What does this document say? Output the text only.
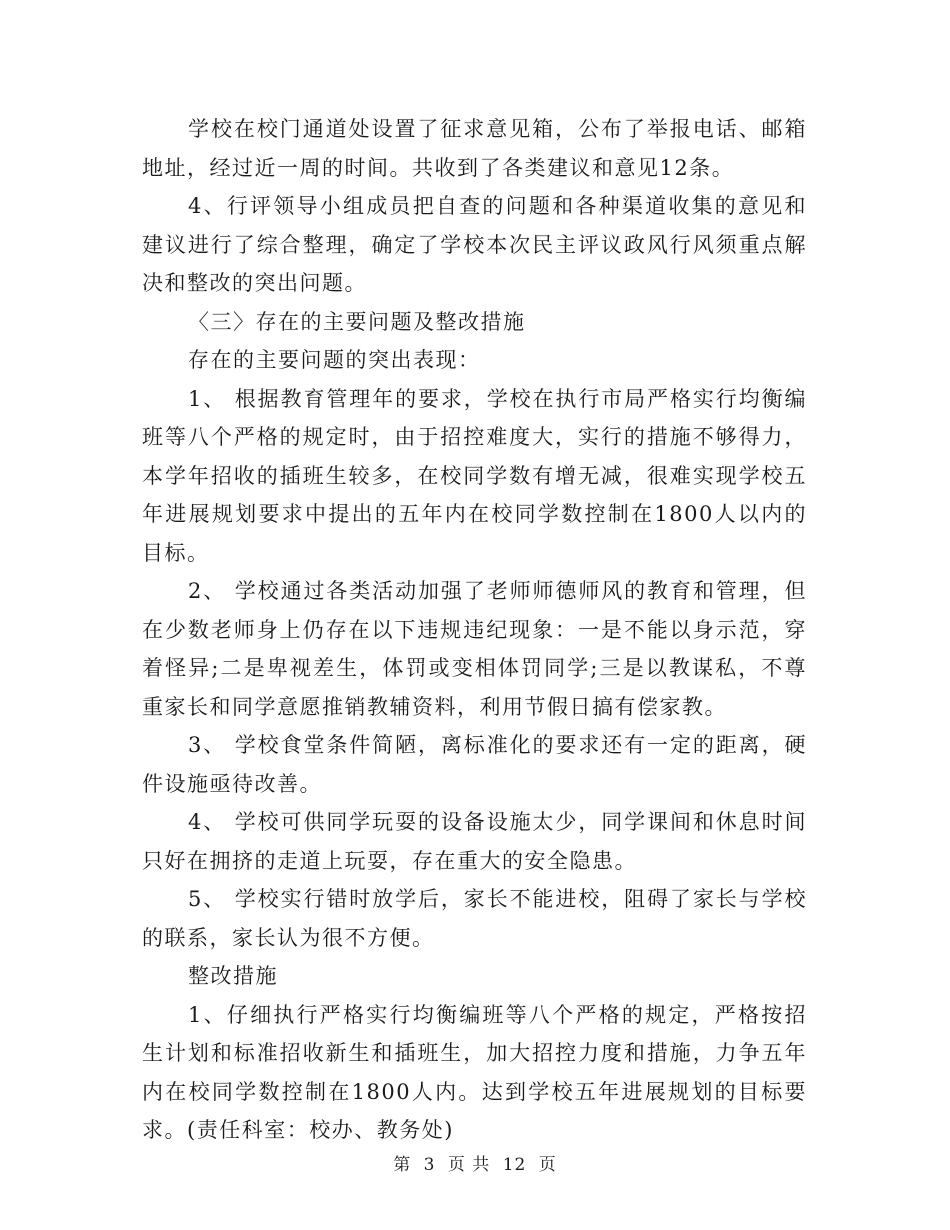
学校在校门通道处设置了征求意见箱，公布了举报电话、邮箱地址，经过近一周的时间。共收到了各类建议和意见12条。

4、行评领导小组成员把自查的问题和各种渠道收集的意见和建议进行了综合整理，确定了学校本次民主评议政风行风须重点解决和整改的突出问题。

〈三〉存在的主要问题及整改措施

存在的主要问题的突出表现：

1、 根据教育管理年的要求，学校在执行市局严格实行均衡编班等八个严格的规定时，由于招控难度大，实行的措施不够得力，本学年招收的插班生较多，在校同学数有增无减，很难实现学校五年进展规划要求中提出的五年内在校同学数控制在1800人以内的目标。

2、 学校通过各类活动加强了老师师德师风的教育和管理，但在少数老师身上仍存在以下违规违纪现象：一是不能以身示范，穿着怪异;二是卑视差生，体罚或变相体罚同学;三是以教谋私，不尊重家长和同学意愿推销教辅资料，利用节假日搞有偿家教。

3、 学校食堂条件简陋，离标准化的要求还有一定的距离，硬件设施亟待改善。

4、 学校可供同学玩耍的设备设施太少，同学课间和休息时间只好在拥挤的走道上玩耍，存在重大的安全隐患。

5、 学校实行错时放学后，家长不能进校，阻碍了家长与学校的联系，家长认为很不方便。

整改措施

1、仔细执行严格实行均衡编班等八个严格的规定，严格按招生计划和标准招收新生和插班生，加大招控力度和措施，力争五年内在校同学数控制在1800人内。达到学校五年进展规划的目标要求。(责任科室：校办、教务处)

第 3 页 共 12 页
